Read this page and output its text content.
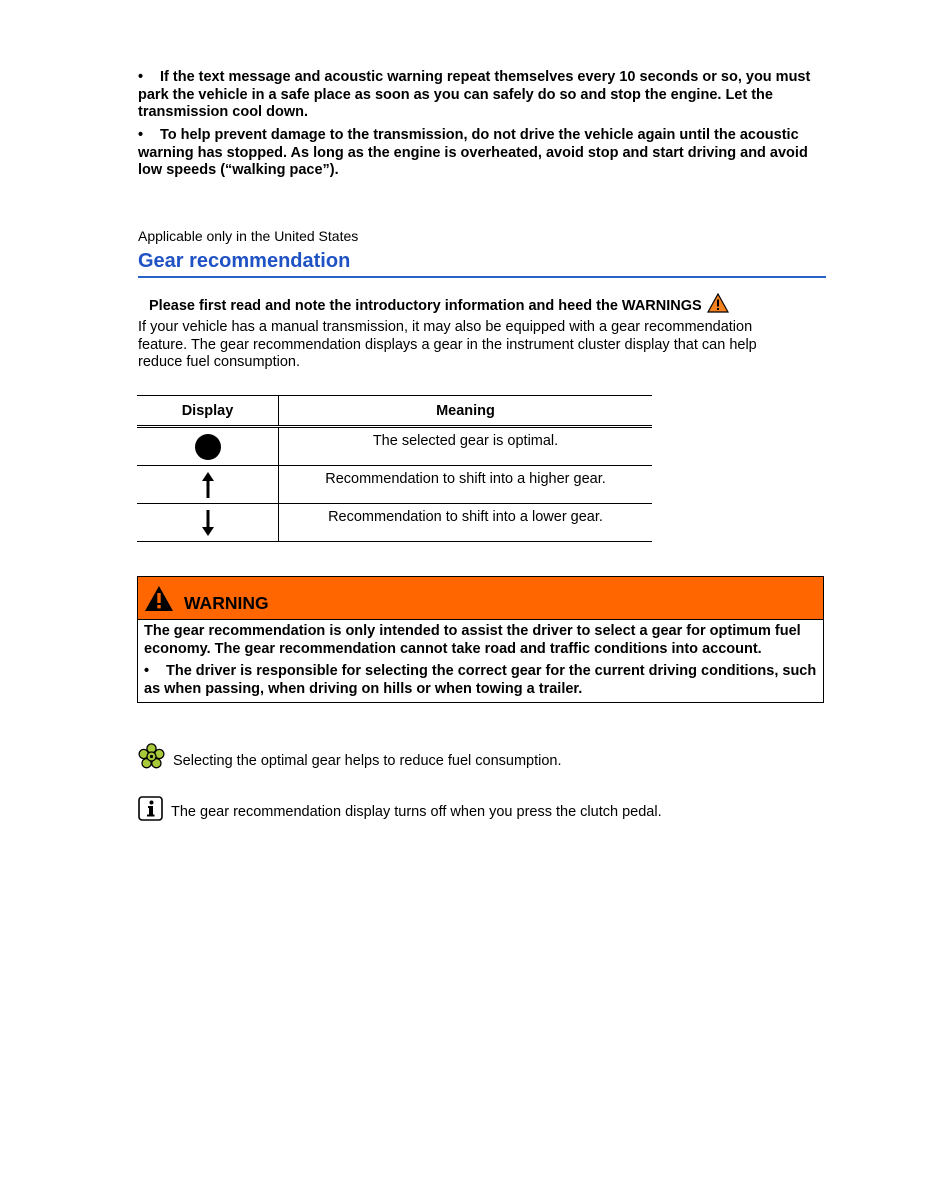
• If the text message and acoustic warning repeat themselves every 10 seconds or so, you must park the vehicle in a safe place as soon as you can safely do so and stop the engine. Let the transmission cool down.
• To help prevent damage to the transmission, do not drive the vehicle again until the acoustic warning has stopped. As long as the engine is overheated, avoid stop and start driving and avoid low speeds (“walking pace”).
Applicable only in the United States
Gear recommendation
Please first read and note the introductory information and heed the WARNINGS
If your vehicle has a manual transmission, it may also be equipped with a gear recommendation feature. The gear recommendation displays a gear in the instrument cluster display that can help reduce fuel consumption.
Display	Meaning

	The selected gear is optimal.

	Recommendation to shift into a higher gear.

	Recommendation to shift into a lower gear.
WARNING

The gear recommendation is only intended to assist the driver to select a gear for optimum fuel economy. The gear recommendation cannot take road and traffic conditions into account.

• The driver is responsible for selecting the correct gear for the current driving conditions, such as when passing, when driving on hills or when towing a trailer.

Selecting the optimal gear helps to reduce fuel consumption.
The gear recommendation display turns off when you press the clutch pedal.
